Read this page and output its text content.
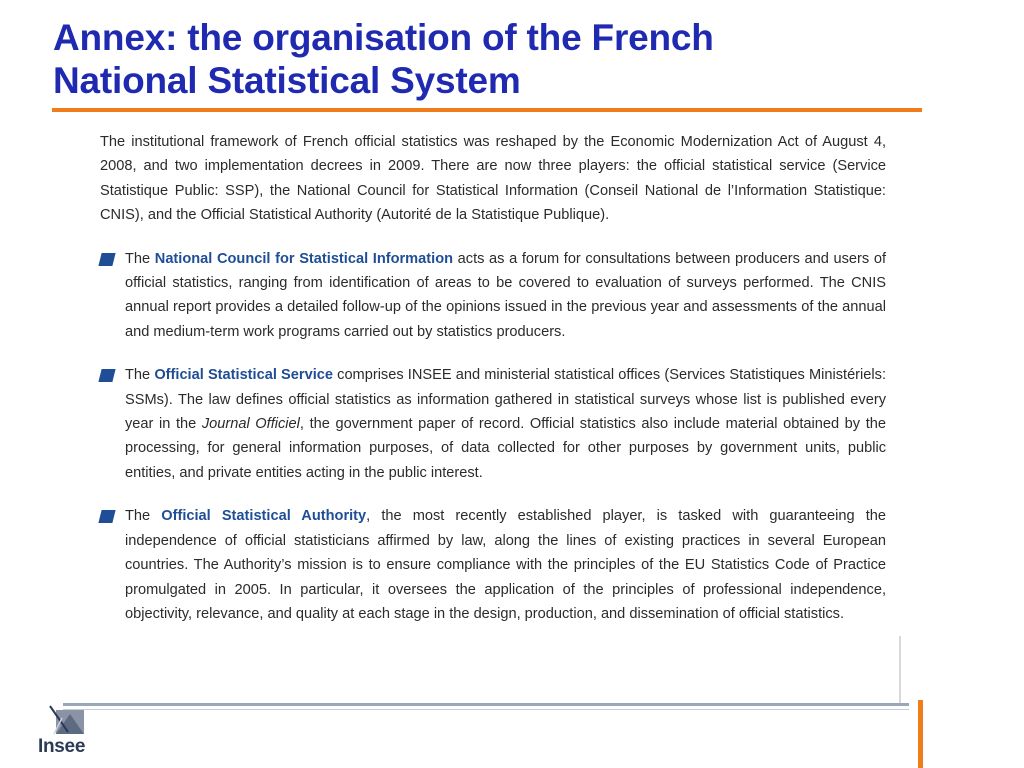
Annex: the organisation of the French
National Statistical System

The institutional framework of French official statistics was reshaped by the Economic Modernization Act of August 4, 2008, and two implementation decrees in 2009. There are now three players: the official statistical service (Service Statistique Public: SSP), the National Council for Statistical Information (Conseil National de l’Information Statistique: CNIS), and the Official Statistical Authority (Autorité de la Statistique Publique).

The National Council for Statistical Information acts as a forum for consultations between producers and users of official statistics, ranging from identification of areas to be covered to evaluation of surveys performed. The CNIS annual report provides a detailed follow-up of the opinions issued in the previous year and assessments of the annual and medium-term work programs carried out by statistics producers.

The Official Statistical Service comprises INSEE and ministerial statistical offices (Services Statistiques Ministériels: SSMs). The law defines official statistics as information gathered in statistical surveys whose list is published every year in the Journal Officiel, the government paper of record. Official statistics also include material obtained by the processing, for general information purposes, of data collected for other purposes by government units, public entities, and private entities acting in the public interest.

The Official Statistical Authority, the most recently established player, is tasked with guaranteeing the independence of official statisticians affirmed by law, along the lines of existing practices in several European countries. The Authority’s mission is to ensure compliance with the principles of the EU Statistics Code of Practice promulgated in 2005. In particular, it oversees the application of the principles of professional independence, objectivity, relevance, and quality at each stage in the design, production, and dissemination of official statistics.

Insee
